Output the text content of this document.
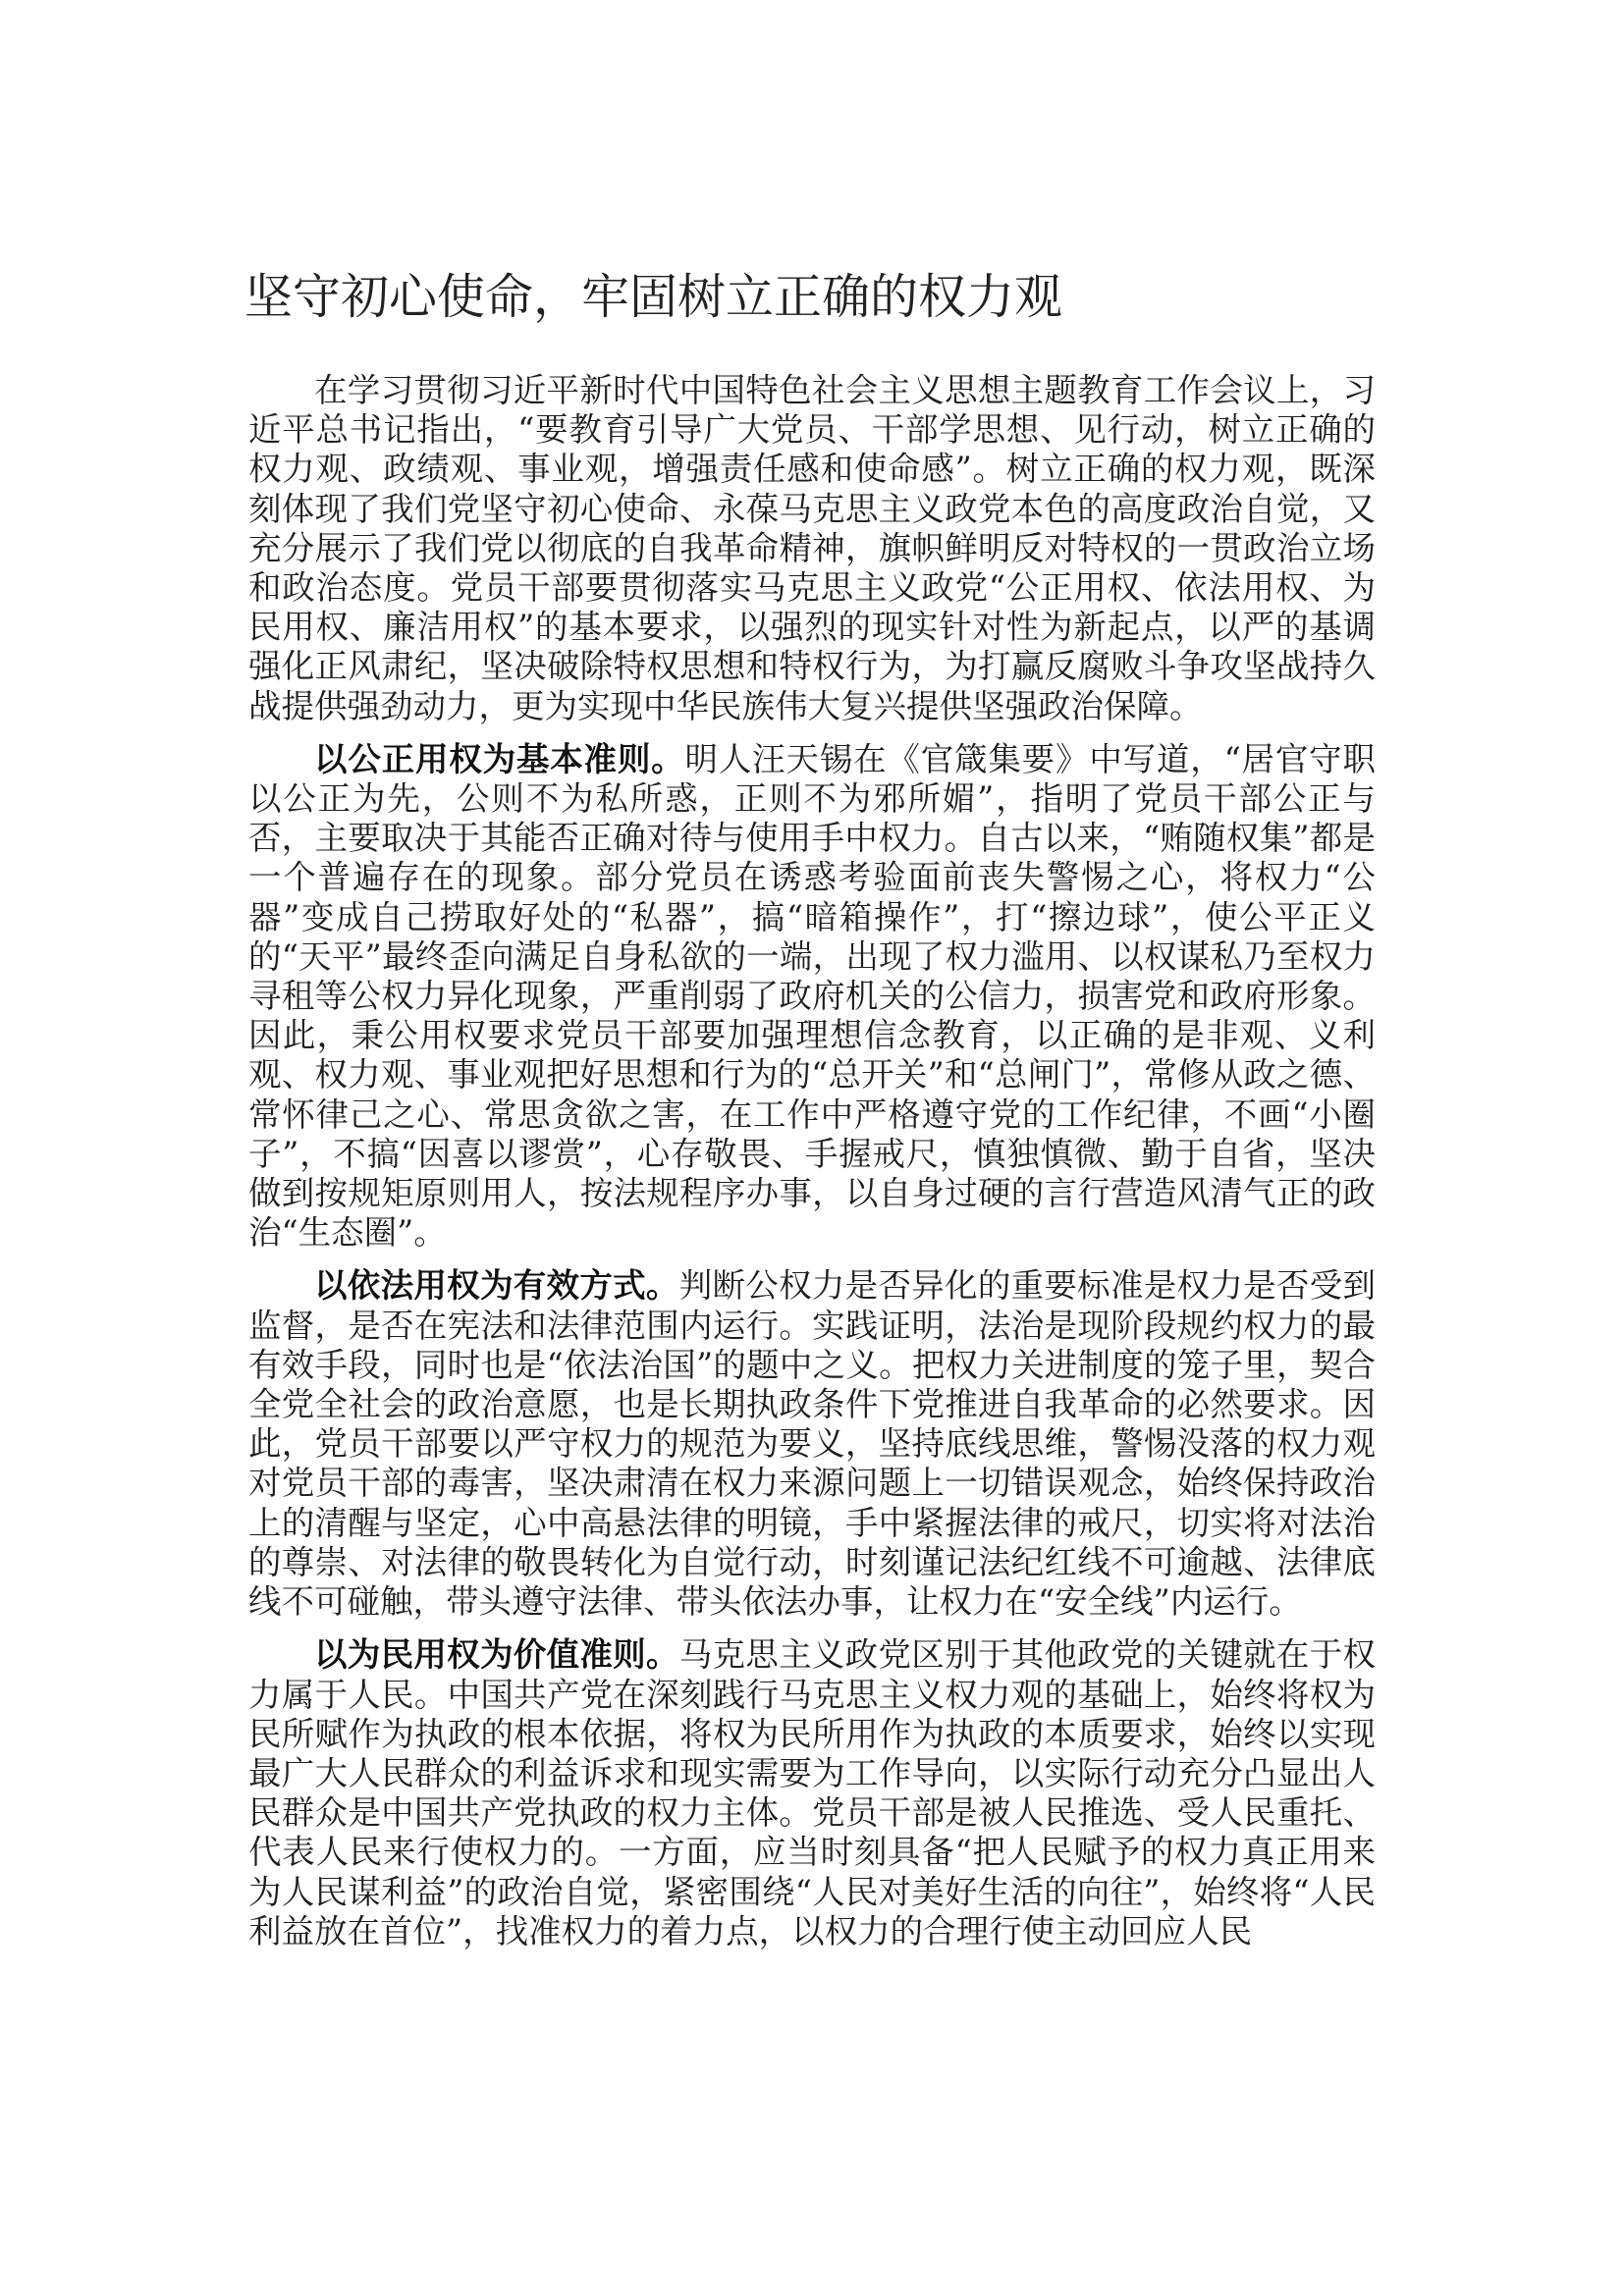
坚守初心使命，牢固树立正确的权力观

在学习贯彻习近平新时代中国特色社会主义思想主题教育工作会议上，习近平总书记指出，“要教育引导广大党员、干部学思想、见行动，树立正确的权力观、政绩观、事业观，增强责任感和使命感”。树立正确的权力观，既深刻体现了我们党坚守初心使命、永葆马克思主义政党本色的高度政治自觉，又充分展示了我们党以彻底的自我革命精神，旗帜鲜明反对特权的一贯政治立场和政治态度。党员干部要贯彻落实马克思主义政党“公正用权、依法用权、为民用权、廉洁用权”的基本要求，以强烈的现实针对性为新起点，以严的基调强化正风肃纪，坚决破除特权思想和特权行为，为打赢反腐败斗争攻坚战持久战提供强劲动力，更为实现中华民族伟大复兴提供坚强政治保障。

以公正用权为基本准则。明人汪天锡在《官箴集要》中写道，“居官守职以公正为先，公则不为私所惑，正则不为邪所媚”，指明了党员干部公正与否，主要取决于其能否正确对待与使用手中权力。自古以来，“贿随权集”都是一个普遍存在的现象。部分党员在诱惑考验面前丧失警惕之心，将权力“公器”变成自己捞取好处的“私器”，搞“暗箱操作”，打“擦边球”，使公平正义的“天平”最终歪向满足自身私欲的一端，出现了权力滥用、以权谋私乃至权力寻租等公权力异化现象，严重削弱了政府机关的公信力，损害党和政府形象。因此，秉公用权要求党员干部要加强理想信念教育，以正确的是非观、义利观、权力观、事业观把好思想和行为的“总开关”和“总闸门”，常修从政之德、常怀律己之心、常思贪欲之害，在工作中严格遵守党的工作纪律，不画“小圈子”，不搞“因喜以谬赏”，心存敬畏、手握戒尺，慎独慎微、勤于自省，坚决做到按规矩原则用人，按法规程序办事，以自身过硬的言行营造风清气正的政治“生态圈”。

以依法用权为有效方式。判断公权力是否异化的重要标准是权力是否受到监督，是否在宪法和法律范围内运行。实践证明，法治是现阶段规约权力的最有效手段，同时也是“依法治国”的题中之义。把权力关进制度的笼子里，契合全党全社会的政治意愿，也是长期执政条件下党推进自我革命的必然要求。因此，党员干部要以严守权力的规范为要义，坚持底线思维，警惕没落的权力观对党员干部的毒害，坚决肃清在权力来源问题上一切错误观念，始终保持政治上的清醒与坚定，心中高悬法律的明镜，手中紧握法律的戒尺，切实将对法治的尊崇、对法律的敬畏转化为自觉行动，时刻谨记法纪红线不可逾越、法律底线不可碰触，带头遵守法律、带头依法办事，让权力在“安全线”内运行。

以为民用权为价值准则。马克思主义政党区别于其他政党的关键就在于权力属于人民。中国共产党在深刻践行马克思主义权力观的基础上，始终将权为民所赋作为执政的根本依据，将权为民所用作为执政的本质要求，始终以实现最广大人民群众的利益诉求和现实需要为工作导向，以实际行动充分凸显出人民群众是中国共产党执政的权力主体。党员干部是被人民推选、受人民重托、代表人民来行使权力的。一方面，应当时刻具备“把人民赋予的权力真正用来为人民谋利益”的政治自觉，紧密围绕“人民对美好生活的向往”，始终将“人民利益放在首位”，找准权力的着力点，以权力的合理行使主动回应人民
